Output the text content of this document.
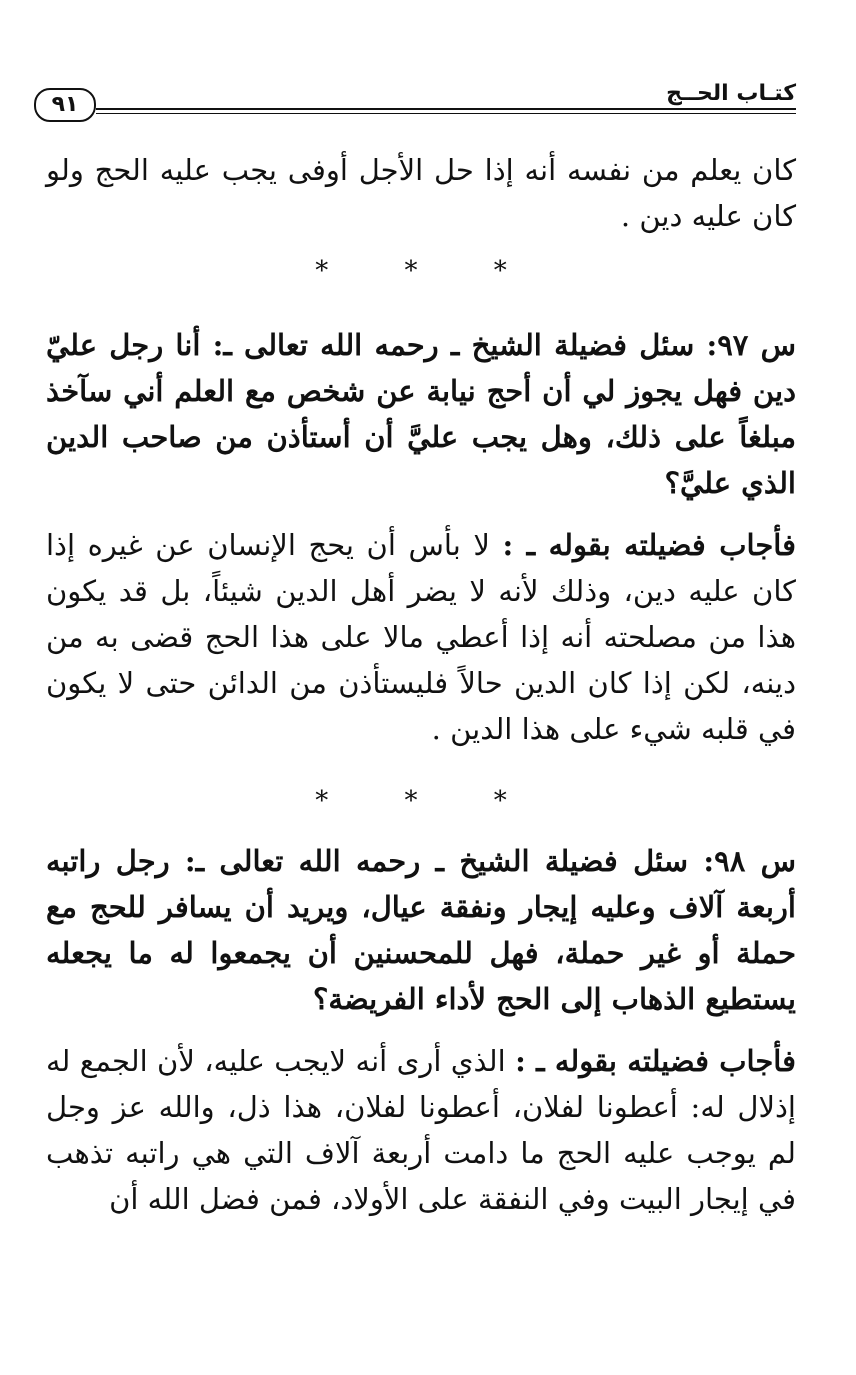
٩١	كتـاب الحــج
كان يعلم من نفسه أنه إذا حل الأجل أوفى يجب عليه الحج ولو كان عليه دين .
* * *
س ٩٧: سئل فضيلة الشيخ ـ رحمه الله تعالى ـ: أنا رجل عليّ دين فهل يجوز لي أن أحج نيابة عن شخص مع العلم أني سآخذ مبلغاً على ذلك، وهل يجب عليَّ أن أستأذن من صاحب الدين الذي عليَّ؟
فأجاب فضيلته بقوله ـ : لا بأس أن يحج الإنسان عن غيره إذا كان عليه دين، وذلك لأنه لا يضر أهل الدين شيئاً، بل قد يكون هذا من مصلحته أنه إذا أعطي مالا على هذا الحج قضى به من دينه، لكن إذا كان الدين حالاً فليستأذن من الدائن حتى لا يكون في قلبه شيء على هذا الدين .
* * *
س ٩٨: سئل فضيلة الشيخ ـ رحمه الله تعالى ـ: رجل راتبه أربعة آلاف وعليه إيجار ونفقة عيال، ويريد أن يسافر للحج مع حملة أو غير حملة، فهل للمحسنين أن يجمعوا له ما يجعله يستطيع الذهاب إلى الحج لأداء الفريضة؟
فأجاب فضيلته بقوله ـ : الذي أرى أنه لايجب عليه، لأن الجمع له إذلال له: أعطونا لفلان، أعطونا لفلان، هذا ذل، والله عز وجل لم يوجب عليه الحج ما دامت أربعة آلاف التي هي راتبه تذهب في إيجار البيت وفي النفقة على الأولاد، فمن فضل الله أن
